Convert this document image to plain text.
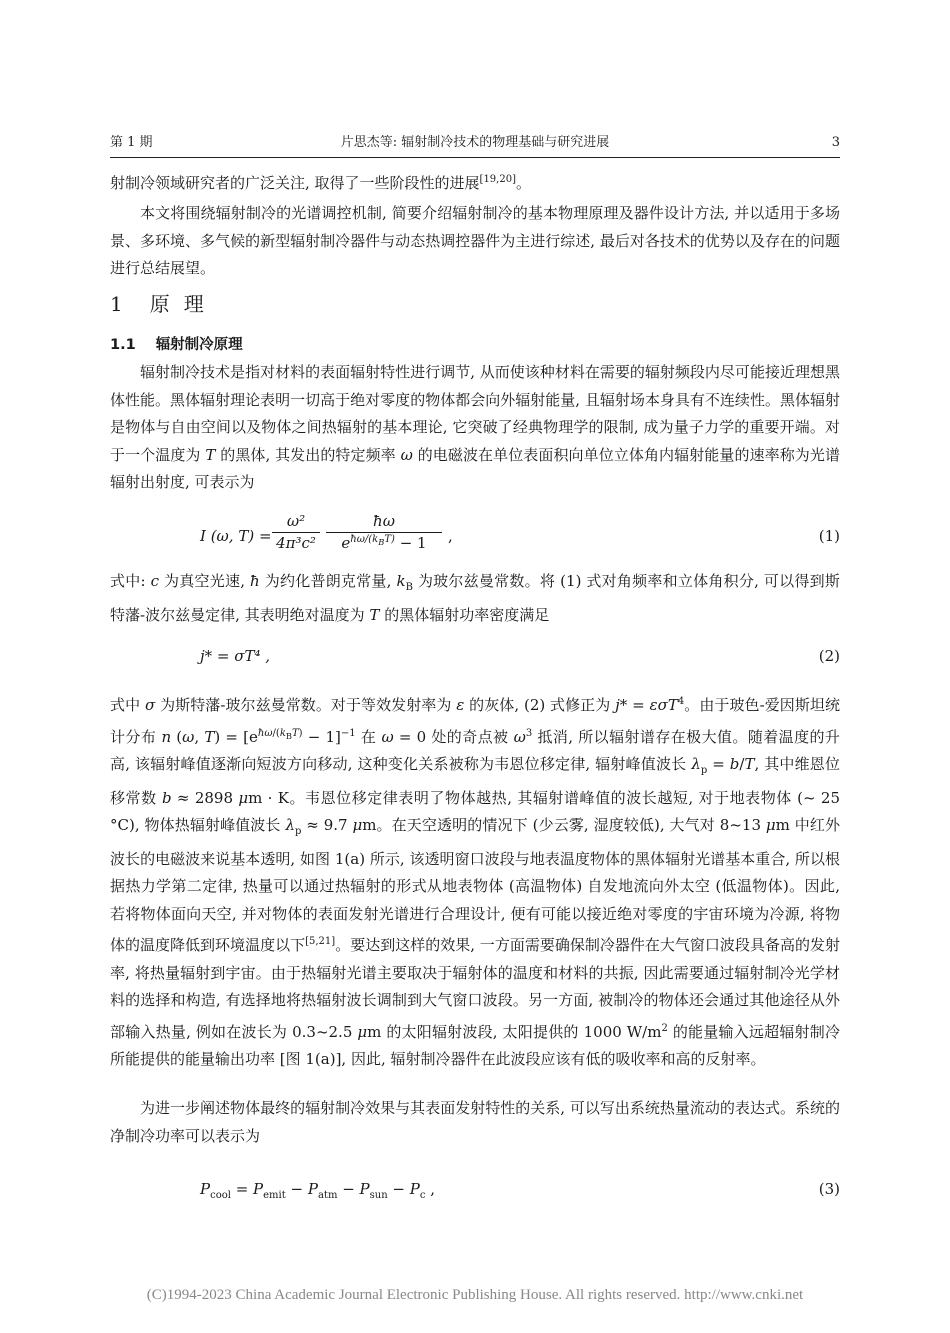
第 1 期	片思杰等: 辐射制冷技术的物理基础与研究进展	3
射制冷领域研究者的广泛关注, 取得了一些阶段性的进展[19,20]。
本文将围绕辐射制冷的光谱调控机制, 简要介绍辐射制冷的基本物理原理及器件设计方法, 并以适用于多场景、多环境、多气候的新型辐射制冷器件与动态热调控器件为主进行综述, 最后对各技术的优势以及存在的问题进行总结展望。
1 原理
1.1 辐射制冷原理
辐射制冷技术是指对材料的表面辐射特性进行调节, 从而使该种材料在需要的辐射频段内尽可能接近理想黑体性能。黑体辐射理论表明一切高于绝对零度的物体都会向外辐射能量, 且辐射场本身具有不连续性。黑体辐射是物体与自由空间以及物体之间热辐射的基本理论, 它突破了经典物理学的限制, 成为量子力学的重要开端。对于一个温度为 T 的黑体, 其发出的特定频率 ω 的电磁波在单位表面积向单位立体角内辐射能量的速率称为光谱辐射出射度, 可表示为
I (ω, $T) = \frac{\text{ω²}}{\text{4π³c²}}$	ħω
$e^{ħ\omega/(k_BT)} - 1$	,	(1)
式中: c 为真空光速, ħ 为约化普朗克常量, $k_B$ 为玻尔兹曼常数。将 (1) 式对角频率和立体角积分, 可以得到斯特藩-波尔兹曼定律, 其表明绝对温度为 T 的黑体辐射功率密度满足
j* = σT⁴ ,	(2)
式中 σ 为斯特藩-玻尔兹曼常数。对于等效发射率为 ε 的灰体, (2) 式修正为 j* = εσT$^4$。由于玻色-爱因斯坦统计分布 n (ω, $T) = [e^{ħ\omega/(k_BT)} - 1]^{-1}$ 在 ω = 0 处的奇点被 $\omega^3$ 抵消, 所以辐射谱存在极大值。随着温度的升高, 该辐射峰值逐渐向短波方向移动, 这种变化关系被称为韦恩位移定律, 辐射峰值波长 $\lambda_p = b/T$, 其中维恩位移常数 b ≈ 2898 μm · K。韦恩位移定律表明了物体越热, 其辐射谱峰值的波长越短, 对于地表物体 (~ 25 °C), 物体热辐射峰值波长 $\lambda_p \approx 9.7$ μm。在天空透明的情况下 (少云雾, 湿度较低), 大气对 8~13 μm 中红外波长的电磁波来说基本透明, 如图 1(a) 所示, 该透明窗口波段与地表温度物体的黑体辐射光谱基本重合, 所以根据热力学第二定律, 热量可以通过热辐射的形式从地表物体 (高温物体) 自发地流向外太空 (低温物体)。因此, 若将物体面向天空, 并对物体的表面发射光谱进行合理设计, 便有可能以接近绝对零度的宇宙环境为冷源, 将物体的温度降低到环境温度以下[5,21]。要达到这样的效果, 一方面需要确保制冷器件在大气窗口波段具备高的发射率, 将热量辐射到宇宙。由于热辐射光谱主要取决于辐射体的温度和材料的共振, 因此需要通过辐射制冷光学材料的选择和构造, 有选择地将热辐射波长调制到大气窗口波段。另一方面, 被制冷的物体还会通过其他途径从外部输入热量, 例如在波长为 0.3~2.5 μm 的太阳辐射波段, 太阳提供的 1000 $W/m^2$ 的能量输入远超辐射制冷所能提供的能量输出功率 [图 1(a)], 因此, 辐射制冷器件在此波段应该有低的吸收率和高的反射率。
为进一步阐述物体最终的辐射制冷效果与其表面发射特性的关系, 可以写出系统热量流动的表达式。系统的净制冷功率可以表示为
$P_{cool} = P_{emit} - P_{atm} - P_{sun} - P_c$ ,	(3)
(C)1994-2023 China Academic Journal Electronic Publishing House. All rights reserved. http://www.cnki.net
